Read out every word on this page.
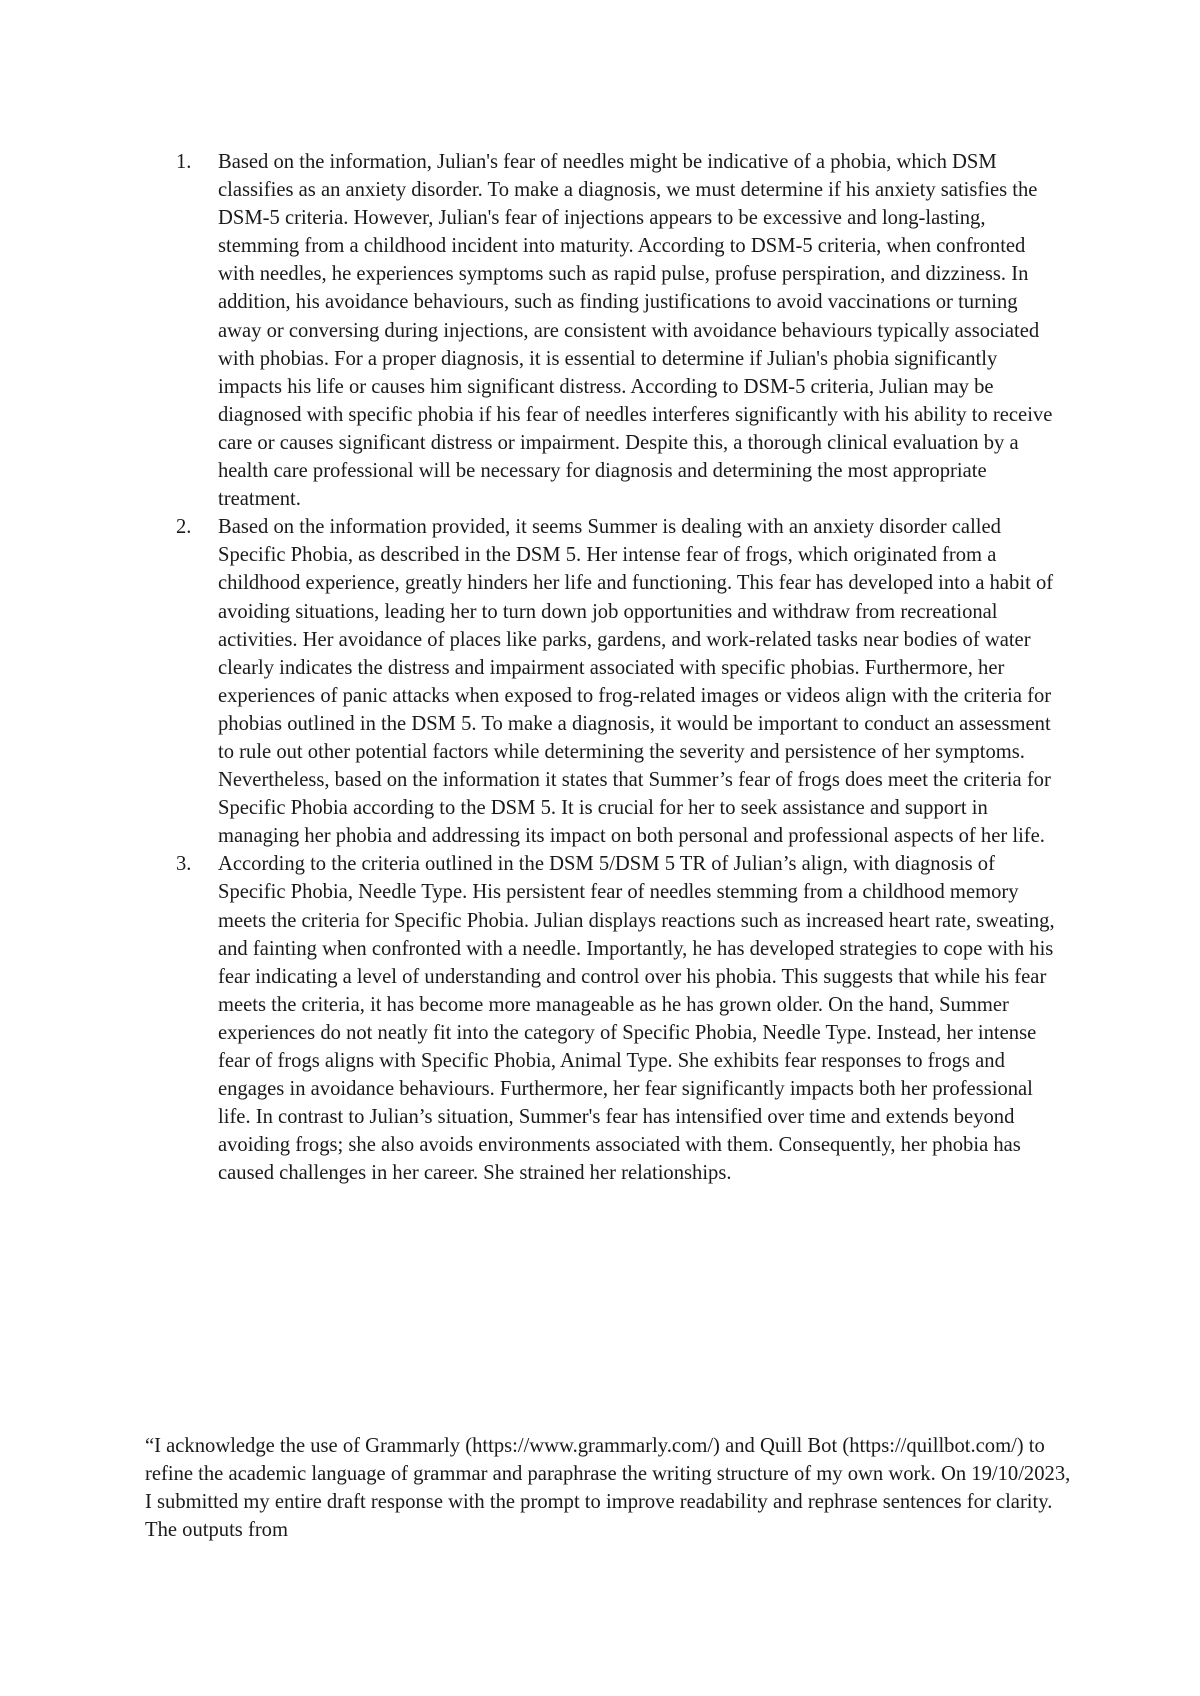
1. Based on the information, Julian's fear of needles might be indicative of a phobia, which DSM classifies as an anxiety disorder. To make a diagnosis, we must determine if his anxiety satisfies the DSM-5 criteria. However, Julian's fear of injections appears to be excessive and long-lasting, stemming from a childhood incident into maturity. According to DSM-5 criteria, when confronted with needles, he experiences symptoms such as rapid pulse, profuse perspiration, and dizziness. In addition, his avoidance behaviours, such as finding justifications to avoid vaccinations or turning away or conversing during injections, are consistent with avoidance behaviours typically associated with phobias. For a proper diagnosis, it is essential to determine if Julian's phobia significantly impacts his life or causes him significant distress. According to DSM-5 criteria, Julian may be diagnosed with specific phobia if his fear of needles interferes significantly with his ability to receive care or causes significant distress or impairment. Despite this, a thorough clinical evaluation by a health care professional will be necessary for diagnosis and determining the most appropriate treatment.
2. Based on the information provided, it seems Summer is dealing with an anxiety disorder called Specific Phobia, as described in the DSM 5. Her intense fear of frogs, which originated from a childhood experience, greatly hinders her life and functioning. This fear has developed into a habit of avoiding situations, leading her to turn down job opportunities and withdraw from recreational activities. Her avoidance of places like parks, gardens, and work-related tasks near bodies of water clearly indicates the distress and impairment associated with specific phobias. Furthermore, her experiences of panic attacks when exposed to frog-related images or videos align with the criteria for phobias outlined in the DSM 5. To make a diagnosis, it would be important to conduct an assessment to rule out other potential factors while determining the severity and persistence of her symptoms. Nevertheless, based on the information it states that Summer’s fear of frogs does meet the criteria for Specific Phobia according to the DSM 5. It is crucial for her to seek assistance and support in managing her phobia and addressing its impact on both personal and professional aspects of her life.
3. According to the criteria outlined in the DSM 5/DSM 5 TR of Julian’s align, with diagnosis of Specific Phobia, Needle Type. His persistent fear of needles stemming from a childhood memory meets the criteria for Specific Phobia. Julian displays reactions such as increased heart rate, sweating, and fainting when confronted with a needle. Importantly, he has developed strategies to cope with his fear indicating a level of understanding and control over his phobia. This suggests that while his fear meets the criteria, it has become more manageable as he has grown older. On the hand, Summer experiences do not neatly fit into the category of Specific Phobia, Needle Type. Instead, her intense fear of frogs aligns with Specific Phobia, Animal Type. She exhibits fear responses to frogs and engages in avoidance behaviours. Furthermore, her fear significantly impacts both her professional life. In contrast to Julian’s situation, Summer's fear has intensified over time and extends beyond avoiding frogs; she also avoids environments associated with them. Consequently, her phobia has caused challenges in her career. She strained her relationships.

“I acknowledge the use of Grammarly (https://www.grammarly.com/) and Quill Bot (https://quillbot.com/) to refine the academic language of grammar and paraphrase the writing structure of my own work. On 19/10/2023, I submitted my entire draft response with the prompt to improve readability and rephrase sentences for clarity. The outputs from
